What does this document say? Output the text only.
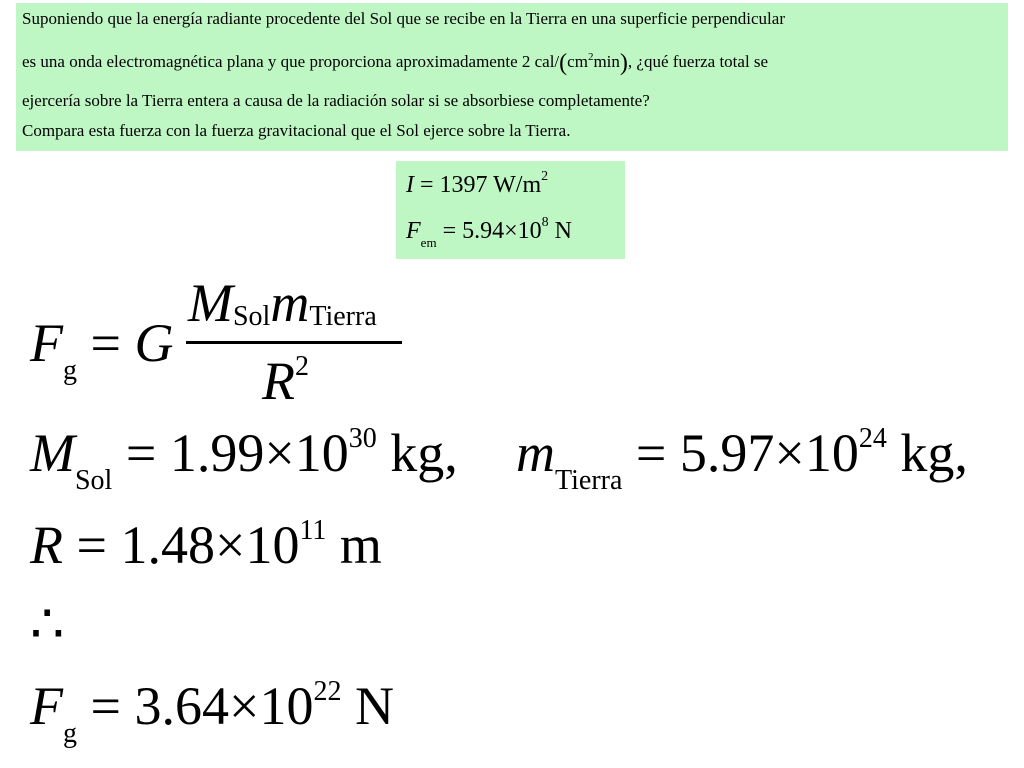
Suponiendo que la energía radiante procedente del Sol que se recibe en la Tierra en una superficie perpendicular
es una onda electromagnética plana y que proporciona aproximadamente 2 cal/$(cm^2\min)$, ¿qué fuerza total se
ejercería sobre la Tierra entera a causa de la radiación solar si se absorbiese completamente?
Compara esta fuerza con la fuerza gravitacional que el Sol ejerce sobre la Tierra.
I = 1397 $W/m^2$
$F_{em} = 5.94\times 10^8$ N
$F_g = G$
MSolmTierra
$R^2$
$M_{Sol} = 1.99\times 10^{30}$ kg, $m_{Tierra} = 5.97\times 10^{24}$ kg,
$R = 1.48\times 10^{11}$ m
∴
$F_g = 3.64\times 10^{22}$ N
